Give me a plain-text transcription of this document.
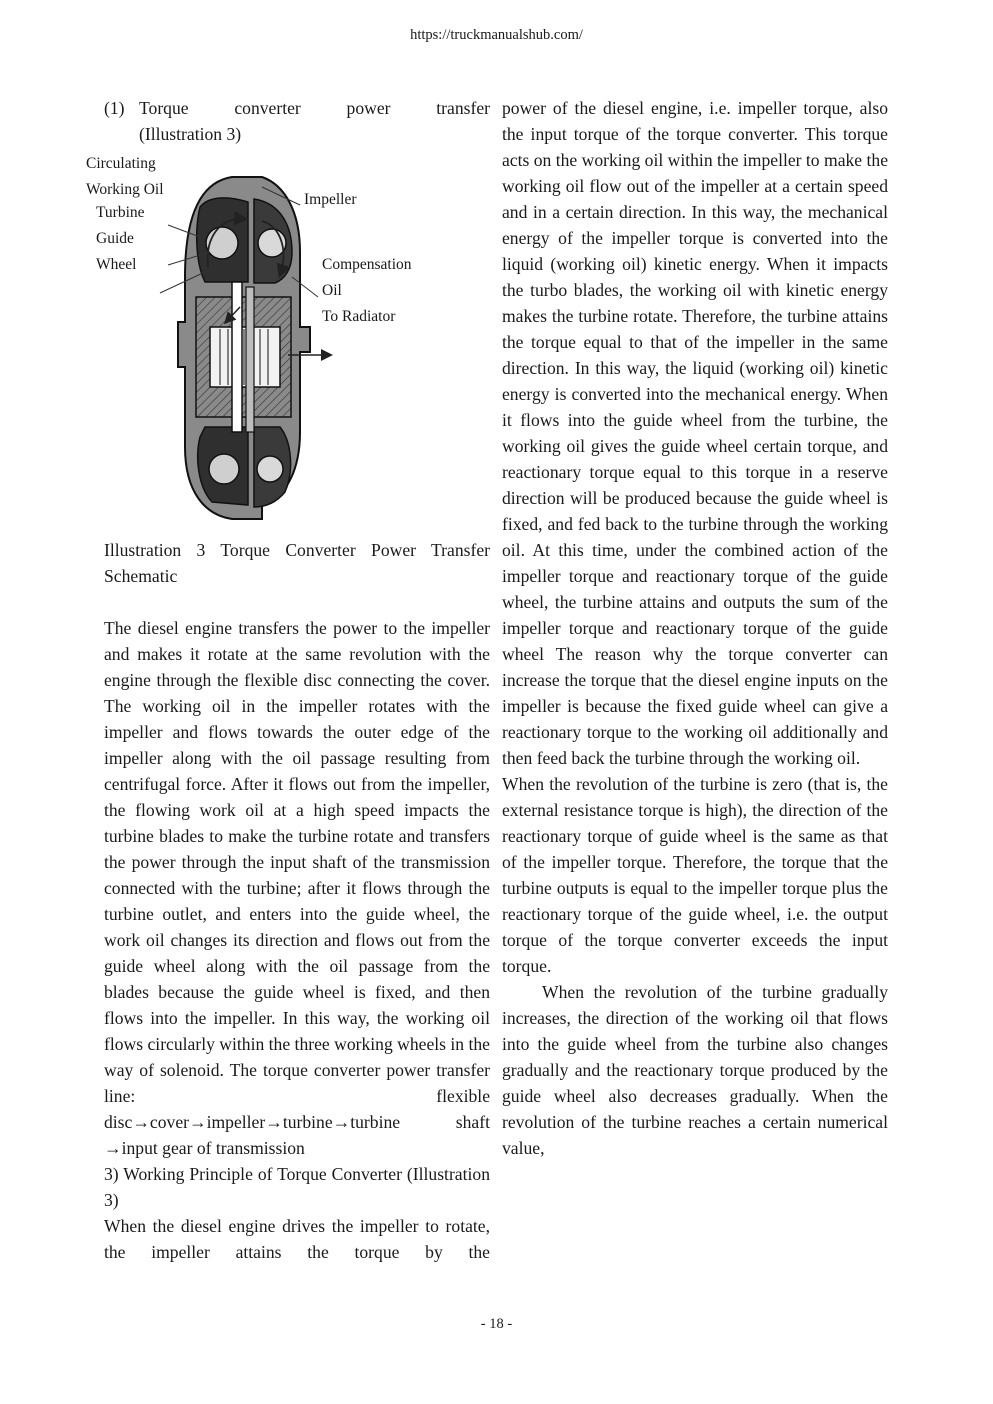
https://truckmanualshub.com/
(1) Torque converter power transfer
(Illustration 3)
Circulating
Working Oil
Turbine
Guide
Wheel
Impeller
Compensation
Oil
To Radiator

Illustration 3 Torque Converter Power Transfer Schematic

The diesel engine transfers the power to the impeller and makes it rotate at the same revolution with the engine through the flexible disc connecting the cover. The working oil in the impeller rotates with the impeller and flows towards the outer edge of the impeller along with the oil passage resulting from centrifugal force. After it flows out from the impeller, the flowing work oil at a high speed impacts the turbine blades to make the turbine rotate and transfers the power through the input shaft of the transmission connected with the turbine; after it flows through the turbine outlet, and enters into the guide wheel, the work oil changes its direction and flows out from the guide wheel along with the oil passage from the blades because the guide wheel is fixed, and then flows into the impeller. In this way, the working oil flows circularly within the three working wheels in the way of solenoid. The torque converter power transfer line: flexible disc→cover→impeller→turbine→turbine shaft →input gear of transmission

3) Working Principle of Torque Converter (Illustration 3)

When the diesel engine drives the impeller to rotate, the impeller attains the torque by the

power of the diesel engine, i.e. impeller torque, also the input torque of the torque converter. This torque acts on the working oil within the impeller to make the working oil flow out of the impeller at a certain speed and in a certain direction. In this way, the mechanical energy of the impeller torque is converted into the liquid (working oil) kinetic energy. When it impacts the turbo blades, the working oil with kinetic energy makes the turbine rotate. Therefore, the turbine attains the torque equal to that of the impeller in the same direction. In this way, the liquid (working oil) kinetic energy is converted into the mechanical energy. When it flows into the guide wheel from the turbine, the working oil gives the guide wheel certain torque, and reactionary torque equal to this torque in a reserve direction will be produced because the guide wheel is fixed, and fed back to the turbine through the working oil. At this time, under the combined action of the impeller torque and reactionary torque of the guide wheel, the turbine attains and outputs the sum of the impeller torque and reactionary torque of the guide wheel The reason why the torque converter can increase the torque that the diesel engine inputs on the impeller is because the fixed guide wheel can give a reactionary torque to the working oil additionally and then feed back the turbine through the working oil.

When the revolution of the turbine is zero (that is, the external resistance torque is high), the direction of the reactionary torque of guide wheel is the same as that of the impeller torque. Therefore, the torque that the turbine outputs is equal to the impeller torque plus the reactionary torque of the guide wheel, i.e. the output torque of the torque converter exceeds the input torque.

When the revolution of the turbine gradually increases, the direction of the working oil that flows into the guide wheel from the turbine also changes gradually and the reactionary torque produced by the guide wheel also decreases gradually. When the revolution of the turbine reaches a certain numerical value,

- 18 -
